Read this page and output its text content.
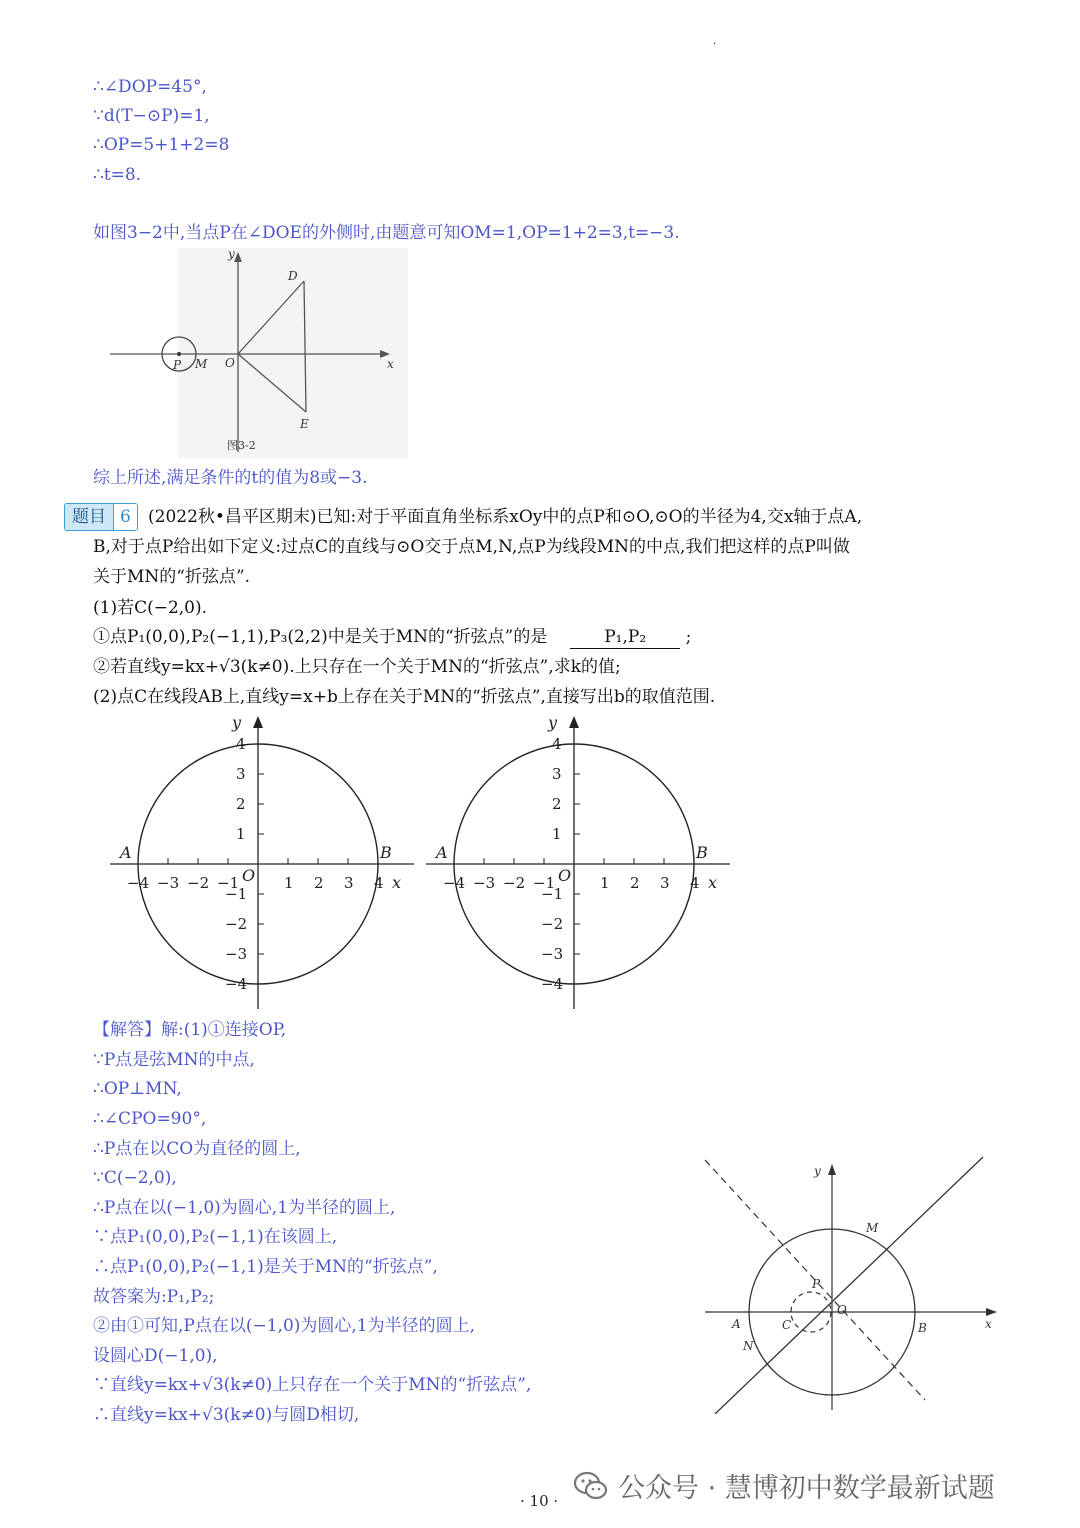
·
∴∠DOP=45°,
∵d(T−⊙P)=1,
∴OP=5+1+2=8
∴t=8.
如图3−2中,当点P在∠DOE的外侧时,由题意可知OM=1,OP=1+2=3,t=−3.
y
x
D
E
P M O
图3-2
综上所述,满足条件的t的值为8或−3.
题目 6	(2022秋•昌平区期末)已知:对于平面直角坐标系xOy中的点P和⊙O,⊙O的半径为4,交x轴于点A,
B,对于点P给出如下定义:过点C的直线与⊙O交于点M,N,点P为线段MN的中点,我们把这样的点P叫做
关于MN的“折弦点”.
(1)若C(−2,0).
①点P₁(0,0),P₂(−1,1),P₃(2,2)中是关于MN的“折弦点”的是	P₁,P₂ ;
②若直线y=kx+√3(k≠0).上只存在一个关于MN的“折弦点”,求k的值;
(2)点C在线段AB上,直线y=x+b上存在关于MN的“折弦点”,直接写出b的取值范围.
−4 −3 −2 −1	1 2 3 4
4
3
2
1
−1
−2
−3
−4
y
x
A	B
O	−4 −3 −2 −1	1 2 3 4
4
3
2
1
−1
−2
−3
−4
y
x
A	B
O
【解答】解:(1)①连接OP,
∵P点是弦MN的中点,
∴OP⊥MN,
∴∠CPO=90°,
∴P点在以CO为直径的圆上,
∵C(−2,0),
∴P点在以(−1,0)为圆心,1为半径的圆上,
∵点P₁(0,0),P₂(−1,1)在该圆上,
∴点P₁(0,0),P₂(−1,1)是关于MN的“折弦点”,
故答案为:P₁,P₂;
②由①可知,P点在以(−1,0)为圆心,1为半径的圆上,
设圆心D(−1,0),
∵直线y=kx+√3(k≠0)上只存在一个关于MN的“折弦点”,
∴直线y=kx+√3(k≠0)与圆D相切,
y
x
M
N
P
O
A	B
C
公众号 · 慧博初中数学最新试题
· 10 ·
